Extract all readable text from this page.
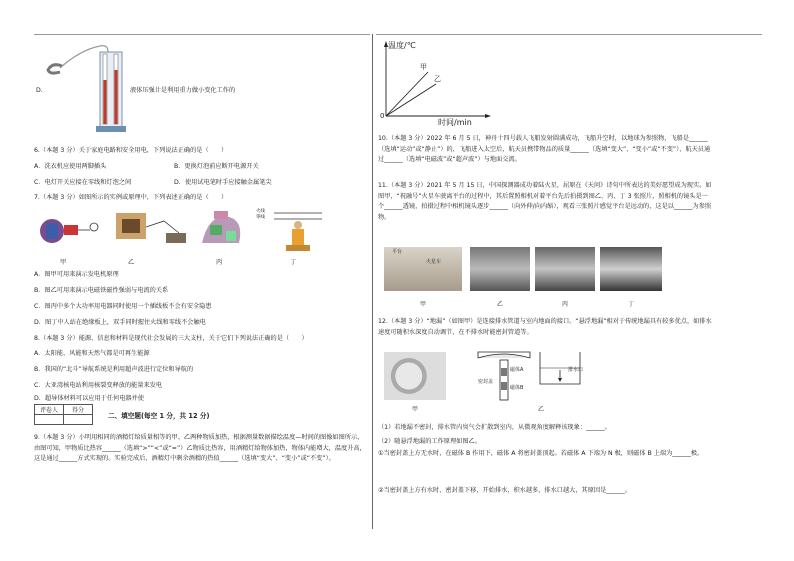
D.	液体压强计是利用重力做小变化工作的
6.（本题 3 分）关于家庭电路和安全用电，下列说法正确的是（　　）
A．洗衣机应使用两脚插头	B．更换灯泡前应断开电源开关
C．电灯开关应接在零线和灯泡之间	D．使用试电笔时手应接触金属笔尖
7.（本题 3 分）如图所示的实例或原理中，下列表述正确的是（　　）
火线
零线
甲	乙	丙	丁
A．图甲可用来演示发电机原理
B．图乙可用来演示电磁铁磁性强弱与电流的关系
C．图丙中多个大功率用电器同时使用一个插线板不会有安全隐患
D．图丁中人站在绝缘板上，双手同时握住火线和零线不会触电
8.（本题 3 分）能源、信息和材料是现代社会发展的三大支柱，关于它们下列说法正确的是（　　）
A．太阳能、风能和天然气都是可再生能源
B．我国的“北斗”导航系统是利用超声波进行定位和导航的
C．大亚湾核电站利用核裂变释放的能量来发电
D．超导体材料可以应用于任何电器并使
评卷人	得分

二、填空题(每空 1 分，共 12 分)
9.（本题 3 分）小明用相同的酒精灯给质量相等的甲、乙两种物质加热，根据测量数据描绘温度—时间的图像如图所示，由图可知，甲物质比热容______（选填“>”“<”或“=”）乙物质比热容，用酒精灯给物体加热，物体内能增大，温度升高，这是通过______方式实现的。实验完成后，酒精灯中剩余酒精的热值______（选填“变大”、“变小”或“不变”）。
温度/℃
0
甲
乙
时间/min
10.（本题 3 分）2022 年 6 月 5 日，神舟十四号载人飞船发射圆满成功，飞船升空时，以地球为参照物，飞船是______（选填“运动”或“静止”）的，飞船进入太空后，航天员携带物品的质量______（选填“变大”、“变小”或“不变”），航天员通过______（选填“电磁波”或“超声波”）与地面交流。
11.（本题 3 分）2021 年 5 月 15 日，中国探测器成功着陆火星，屈原在《天问》诗句中所表达的美好愿望成为现实。如图甲，“祝融号”火星车驶离平台的过程中，其后置照相机对着平台先后拍摄到图乙、丙、丁 3 张照片，照相机的镜头是一个______透镜，拍摄过程中相机镜头逐步______（向外伸/向内缩），观看三张照片感觉平台是远动的，这是以______为参照物。
平台
火星车
甲	乙	丙	丁
12.（本题 3 分）“地漏”（如图甲）是连接排水管道与室内地面的接口。“悬浮地漏”相对于传统地漏具有较多优点，如排水速度可随积水深度自动调节，在不排水时能密封管道等。
密封盖
磁体A
磁体B
排水口
甲	乙
（1）若地漏不密封，排水管内臭气会扩散到室内，从微观角度解释该现象：______。
（2）随悬浮地漏的工作原理如图乙。
①当密封盖上方无水时，在磁体 B 作用下，磁体 A 将密封盖顶起。若磁体 A 下端为 N 极，则磁体 B 上端为______极。
②当密封盖上方有水时，密封盖下移，开始排水，积水越多，排水口越大，其原因是______。
